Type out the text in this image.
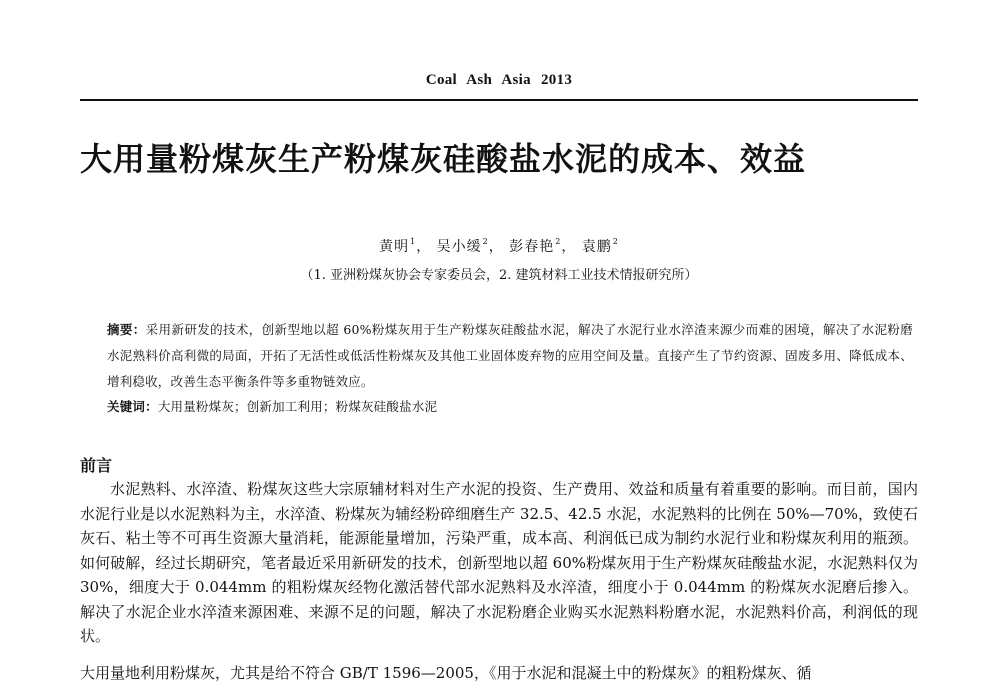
Coal Ash Asia 2013
大用量粉煤灰生产粉煤灰硅酸盐水泥的成本、效益
黄明$^1$， 吴小缓$^2$， 彭春艳$^2$， 袁鹏$^2$
（1. 亚洲粉煤灰协会专家委员会，2. 建筑材料工业技术情报研究所）
摘要：采用新研发的技术，创新型地以超 60%粉煤灰用于生产粉煤灰硅酸盐水泥，解决了水泥行业水淬渣来源少而难的困境，解决了水泥粉磨水泥熟料价高利微的局面，开拓了无活性或低活性粉煤灰及其他工业固体废弃物的应用空间及量。直接产生了节约资源、固废多用、降低成本、增利稳收，改善生态平衡条件等多重物链效应。
关键词：大用量粉煤灰；创新加工利用；粉煤灰硅酸盐水泥
前言

水泥熟料、水淬渣、粉煤灰这些大宗原辅材料对生产水泥的投资、生产费用、效益和质量有着重要的影响。而目前，国内水泥行业是以水泥熟料为主，水淬渣、粉煤灰为辅经粉碎细磨生产 32.5、42.5 水泥，水泥熟料的比例在 50%—70%，致使石灰石、粘土等不可再生资源大量消耗，能源能量增加，污染严重，成本高、利润低已成为制约水泥行业和粉煤灰利用的瓶颈。如何破解，经过长期研究，笔者最近采用新研发的技术，创新型地以超 60%粉煤灰用于生产粉煤灰硅酸盐水泥，水泥熟料仅为 30%，细度大于 0.044mm 的粗粉煤灰经物化激活替代部水泥熟料及水淬渣，细度小于 0.044mm 的粉煤灰水泥磨后掺入。解决了水泥企业水淬渣来源困难、来源不足的问题，解决了水泥粉磨企业购买水泥熟料粉磨水泥，水泥熟料价高，利润低的现状。

大用量地利用粉煤灰，尤其是给不符合 GB/T 1596—2005，《用于水泥和混凝土中的粉煤灰》的粗粉煤灰、循
